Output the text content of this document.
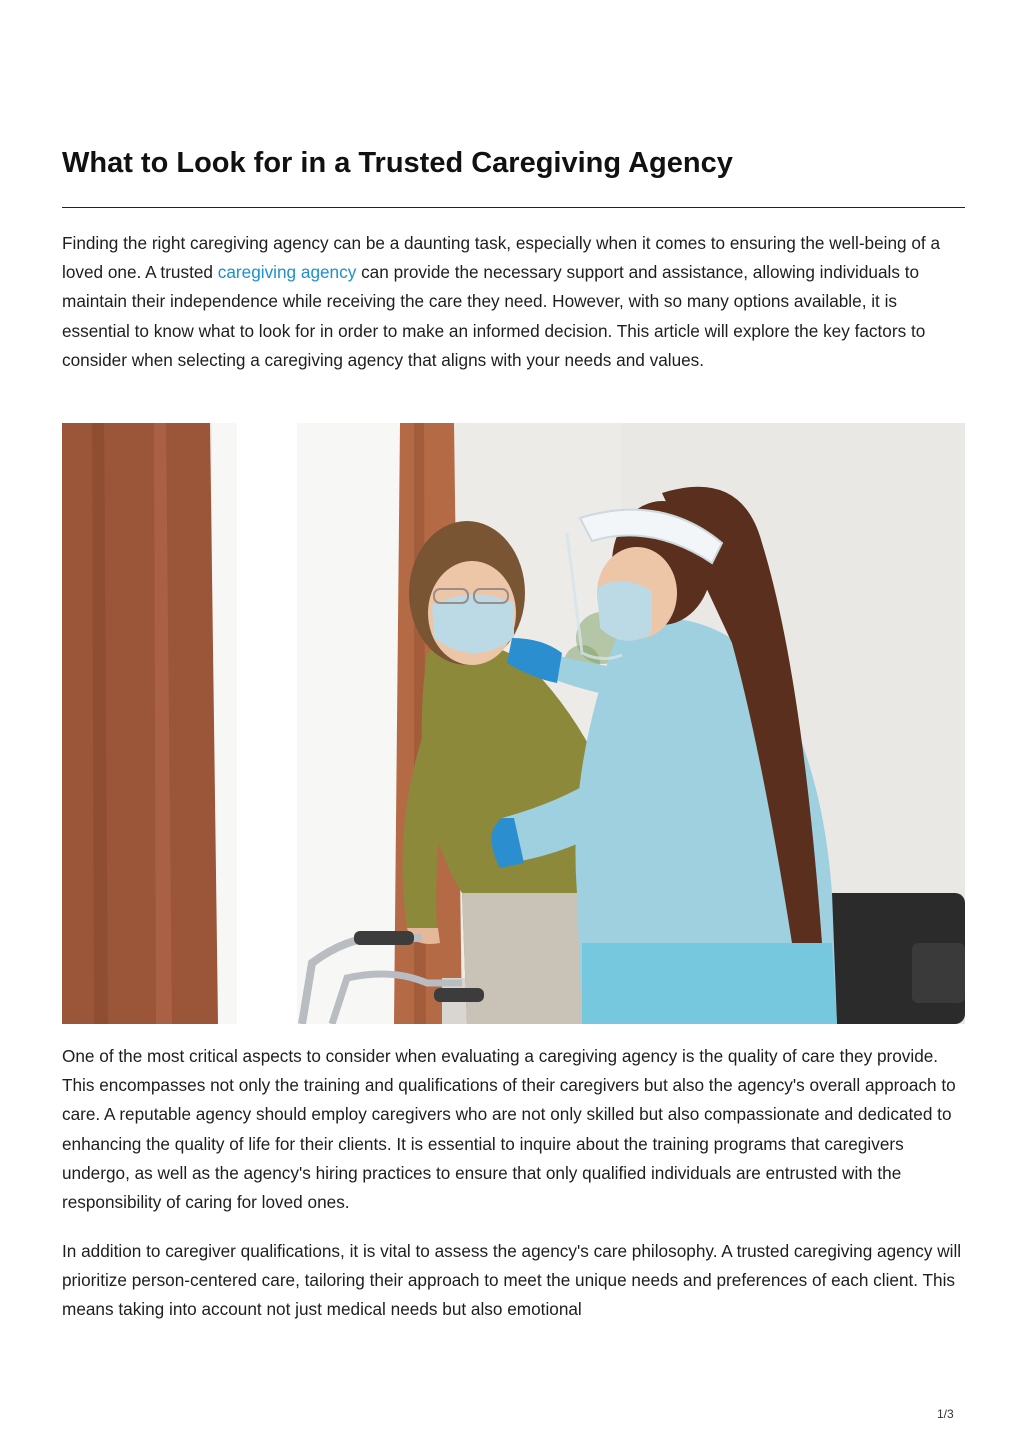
What to Look for in a Trusted Caregiving Agency

Finding the right caregiving agency can be a daunting task, especially when it comes to ensuring the well-being of a loved one. A trusted caregiving agency can provide the necessary support and assistance, allowing individuals to maintain their independence while receiving the care they need. However, with so many options available, it is essential to know what to look for in order to make an informed decision. This article will explore the key factors to consider when selecting a caregiving agency that aligns with your needs and values.

One of the most critical aspects to consider when evaluating a caregiving agency is the quality of care they provide. This encompasses not only the training and qualifications of their caregivers but also the agency's overall approach to care. A reputable agency should employ caregivers who are not only skilled but also compassionate and dedicated to enhancing the quality of life for their clients. It is essential to inquire about the training programs that caregivers undergo, as well as the agency's hiring practices to ensure that only qualified individuals are entrusted with the responsibility of caring for loved ones.

In addition to caregiver qualifications, it is vital to assess the agency's care philosophy. A trusted caregiving agency will prioritize person-centered care, tailoring their approach to meet the unique needs and preferences of each client. This means taking into account not just medical needs but also emotional

1/3
